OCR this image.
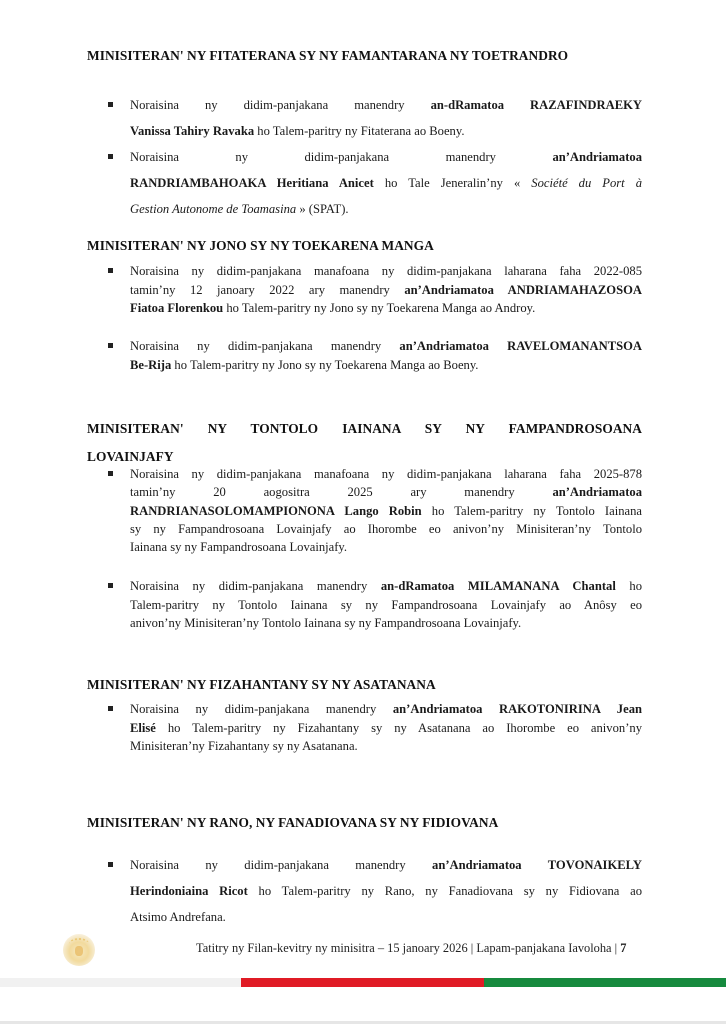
MINISITERAN' NY FITATERANA SY NY FAMANTARANA NY TOETRANDRO
Noraisina ny didim-panjakana manendry an-dRamatoa RAZAFINDRAEKY
Vanissa Tahiry Ravaka ho Talem-paritry ny Fitaterana ao Boeny.
Noraisina ny didim-panjakana manendry an’Andriamatoa
RANDRIAMBAHOAKA Heritiana Anicet ho Tale Jeneralin’ny « Société du Port à
Gestion Autonome de Toamasina » (SPAT).
MINISITERAN' NY JONO SY NY TOEKARENA MANGA
Noraisina ny didim-panjakana manafoana ny didim-panjakana laharana faha 2022-085
tamin’ny 12 janoary 2022 ary manendry an’Andriamatoa ANDRIAMAHAZOSOA
Fiatoa Florenkou ho Talem-paritry ny Jono sy ny Toekarena Manga ao Androy.
Noraisina ny didim-panjakana manendry an’Andriamatoa RAVELOMANANTSOA
Be-Rija ho Talem-paritry ny Jono sy ny Toekarena Manga ao Boeny.
MINISITERAN' NY TONTOLO IAINANA SY NY FAMPANDROSOANA
LOVAINJAFY
Noraisina ny didim-panjakana manafoana ny didim-panjakana laharana faha 2025-878
tamin’ny 20 aogositra 2025 ary manendry an’Andriamatoa
RANDRIANASOLOMAMPIONONA Lango Robin ho Talem-paritry ny Tontolo Iainana
sy ny Fampandrosoana Lovainjafy ao Ihorombe eo anivon’ny Minisiteran’ny Tontolo
Iainana sy ny Fampandrosoana Lovainjafy.
Noraisina ny didim-panjakana manendry an-dRamatoa MILAMANANA Chantal ho
Talem-paritry ny Tontolo Iainana sy ny Fampandrosoana Lovainjafy ao Anôsy eo
anivon’ny Minisiteran’ny Tontolo Iainana sy ny Fampandrosoana Lovainjafy.
MINISITERAN' NY FIZAHANTANY SY NY ASATANANA
Noraisina ny didim-panjakana manendry an’Andriamatoa RAKOTONIRINA Jean
Elisé ho Talem-paritry ny Fizahantany sy ny Asatanana ao Ihorombe eo anivon’ny
Minisiteran’ny Fizahantany sy ny Asatanana.
MINISITERAN' NY RANO, NY FANADIOVANA SY NY FIDIOVANA
Noraisina ny didim-panjakana manendry an’Andriamatoa TOVONAIKELY
Herindoniaina Ricot ho Talem-paritry ny Rano, ny Fanadiovana sy ny Fidiovana ao
Atsimo Andrefana.
Tatitry ny Filan-kevitry ny minisitra – 15 janoary 2026 | Lapam-panjakana Iavoloha | 7
